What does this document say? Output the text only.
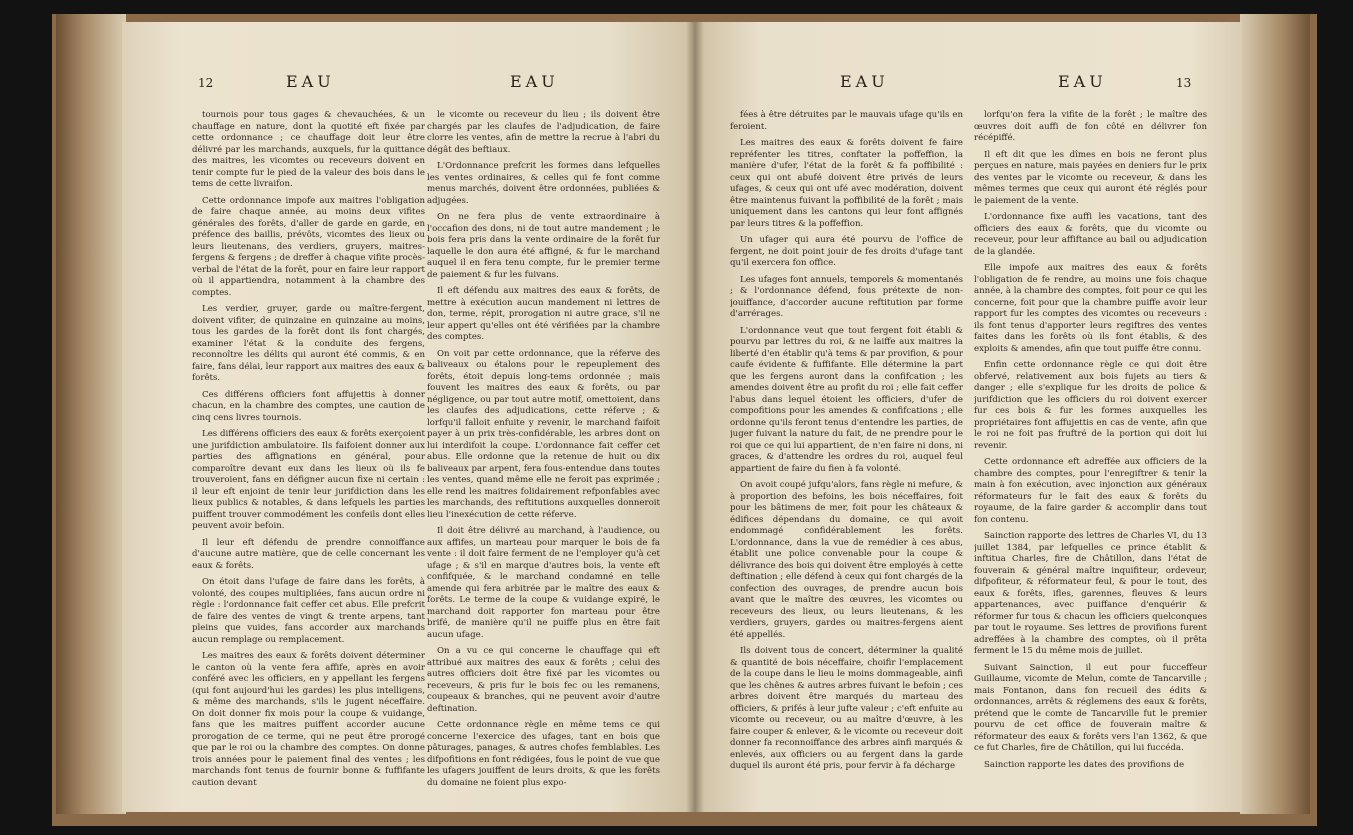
12	EAU	EAU

tournois pour tous gages & chevauchées, & un chauffage en nature, dont la quotité eft fixée par cette ordonnance ; ce chauffage doit leur être délivré par les marchands, auxquels, fur la quittance des maitres, les vicomtes ou receveurs doivent en tenir compte fur le pied de la valeur des bois dans le tems de cette livraifon.

Cette ordonnance impofe aux maitres l'obligation de faire chaque année, au moins deux vifites générales des forêts, d'aller de garde en garde, en préfence des baillis, prévôts, vicomtes des lieux ou leurs lieutenans, des verdiers, gruyers, maitres-fergens & fergens ; de dreffer à chaque vifite procès-verbal de l'état de la forêt, pour en faire leur rapport où il appartiendra, notamment à la chambre des comptes.

Les verdier, gruyer, garde ou maître-fergent, doivent vifiter, de quinzaine en quinzaine au moins, tous les gardes de la forêt dont ils font chargés, examiner l'état & la conduite des fergens, reconnoître les délits qui auront été commis, & en faire, fans délai, leur rapport aux maitres des eaux & forêts.

Ces différens officiers font affujettis à donner chacun, en la chambre des comptes, une caution de cinq cens livres tournois.

Les différens officiers des eaux & forêts exerçoient une jurifdiction ambulatoire. Ils faifoient donner aux parties des affignations en général, pour comparoître devant eux dans les lieux où ils fe trouveroient, fans en défigner aucun fixe ni certain : il leur eft enjoint de tenir leur jurifdiction dans les lieux publics & notables, & dans lefquels les parties puiffent trouver commodément les confeils dont elles peuvent avoir befoin.

Il leur eft défendu de prendre connoiffance d'aucune autre matière, que de celle concernant les eaux & forêts.

On étoit dans l'ufage de faire dans les forêts, à volonté, des coupes multipliées, fans aucun ordre ni règle : l'ordonnance fait ceffer cet abus. Elle prefcrit de faire des ventes de vingt & trente arpens, tant pleins que vuides, fans accorder aux marchands aucun remplage ou remplacement.

Les maitres des eaux & forêts doivent déterminer le canton où la vente fera affife, après en avoir conféré avec les officiers, en y appellant les fergens (qui font aujourd'hui les gardes) les plus intelligens, & même des marchands, s'ils le jugent néceffaire. On doit donner fix mois pour la coupe & vuidange, fans que les maitres puiffent accorder aucune prorogation de ce terme, qui ne peut être prorogé que par le roi ou la chambre des comptes. On donne trois années pour le paiement final des ventes ; les marchands font tenus de fournir bonne & fuffifante caution devant

le vicomte ou receveur du lieu ; ils doivent être chargés par les claufes de l'adjudication, de faire clorre les ventes, afin de mettre la recrue à l'abri du dégât des beftiaux.

L'Ordonnance prefcrit les formes dans lefquelles les ventes ordinaires, & celles qui fe font comme menus marchés, doivent être ordonnées, publiées & adjugées.

On ne fera plus de vente extraordinaire à l'occafion des dons, ni de tout autre mandement ; le bois fera pris dans la vente ordinaire de la forêt fur laquelle le don aura été affigné, & fur le marchand auquel il en fera tenu compte, fur le premier terme de paiement & fur les fuivans.

Il eft défendu aux maitres des eaux & forêts, de mettre à exécution aucun mandement ni lettres de don, terme, répit, prorogation ni autre grace, s'il ne leur appert qu'elles ont été vérifiées par la chambre des comptes.

On voit par cette ordonnance, que la réferve des baliveaux ou étalons pour le repeuplement des forêts, étoit depuis long-tems ordonnée ; mais fouvent les maitres des eaux & forêts, ou par négligence, ou par tout autre motif, omettoient, dans les claufes des adjudications, cette réferve ; & lorfqu'il falloit enfuite y revenir, le marchand faifoit payer à un prix très-confidérable, les arbres dont on lui interdifoit la coupe. L'ordonnance fait ceffer cet abus. Elle ordonne que la retenue de huit ou dix baliveaux par arpent, fera fous-entendue dans toutes les ventes, quand même elle ne feroit pas exprimée ; elle rend les maitres folidairement refponfables avec les marchands, des reftitutions auxquelles donneroit lieu l'inexécution de cette réferve.

Il doit être délivré au marchand, à l'audience, ou aux affifes, un marteau pour marquer le bois de fa vente : il doit faire ferment de ne l'employer qu'à cet ufage ; & s'il en marque d'autres bois, la vente eft confifquée, & le marchand condamné en telle amende qui fera arbitrée par le maître des eaux & forêts. Le terme de la coupe & vuidange expiré, le marchand doit rapporter fon marteau pour être brifé, de manière qu'il ne puiffe plus en être fait aucun ufage.

On a vu ce qui concerne le chauffage qui eft attribué aux maitres des eaux & forêts ; celui des autres officiers doit être fixé par les vicomtes ou receveurs, & pris fur le bois fec ou les remanens, coupeaux & branches, qui ne peuvent avoir d'autre deftination.

Cette ordonnance règle en même tems ce qui concerne l'exercice des ufages, tant en bois que pâturages, panages, & autres chofes femblables. Les difpofitions en font rédigées, fous le point de vue que les ufagers jouiffent de leurs droits, & que les forêts du domaine ne foient plus expo-

EAU	EAU	13

fées à être détruites par le mauvais ufage qu'ils en feroient.

Les maitres des eaux & forêts doivent fe faire repréfenter les titres, conftater la poffeffion, la manière d'ufer, l'état de la forêt & fa poffibilité : ceux qui ont abufé doivent être privés de leurs ufages, & ceux qui ont ufé avec modération, doivent être maintenus fuivant la poffibilité de la forêt ; mais uniquement dans les cantons qui leur font affignés par leurs titres & la poffeffion.

Un ufager qui aura été pourvu de l'office de fergent, ne doit point jouir de fes droits d'ufage tant qu'il exercera fon office.

Les ufages font annuels, temporels & momentanés ; & l'ordonnance défend, fous prétexte de non-jouiffance, d'accorder aucune reftitution par forme d'arrérages.

L'ordonnance veut que tout fergent foit établi & pourvu par lettres du roi, & ne laiffe aux maitres la liberté d'en établir qu'à tems & par provifion, & pour caufe évidente & fuffifante. Elle détermine la part que les fergens auront dans la confifcation ; les amendes doivent être au profit du roi ; elle fait ceffer l'abus dans lequel étoient les officiers, d'ufer de compofitions pour les amendes & confifcations ; elle ordonne qu'ils feront tenus d'entendre les parties, de juger fuivant la nature du fait, de ne prendre pour le roi que ce qui lui appartient, de n'en faire ni dons, ni graces, & d'attendre les ordres du roi, auquel feul appartient de faire du fien à fa volonté.

On avoit coupé jufqu'alors, fans règle ni mefure, & à proportion des befoins, les bois néceffaires, foit pour les bâtimens de mer, foit pour les châteaux & édifices dépendans du domaine, ce qui avoit endommagé confidérablement les forêts. L'ordonnance, dans la vue de remédier à ces abus, établit une police convenable pour la coupe & délivrance des bois qui doivent être employés à cette deftination ; elle défend à ceux qui font chargés de la confection des ouvrages, de prendre aucun bois avant que le maître des œuvres, les vicomtes ou receveurs des lieux, ou leurs lieutenans, & les verdiers, gruyers, gardes ou maitres-fergens aient été appellés.

Ils doivent tous de concert, déterminer la qualité & quantité de bois néceffaire, choifir l'emplacement de la coupe dans le lieu le moins dommageable, ainfi que les chênes & autres arbres fuivant le befoin ; ces arbres doivent être marqués du marteau des officiers, & prifés à leur jufte valeur ; c'eft enfuite au vicomte ou receveur, ou au maître d'œuvre, à les faire couper & enlever, & le vicomte ou receveur doit donner fa reconnoiffance des arbres ainfi marqués & enlevés, aux officiers ou au fergent dans la garde duquel ils auront été pris, pour fervir à fa décharge

lorfqu'on fera la vifite de la forêt ; le maître des œuvres doit auffi de fon côté en délivrer fon récépiffé.

Il eft dit que les dîmes en bois ne feront plus perçues en nature, mais payées en deniers fur le prix des ventes par le vicomte ou receveur, & dans les mêmes termes que ceux qui auront été réglés pour le paiement de la vente.

L'ordonnance fixe auffi les vacations, tant des officiers des eaux & forêts, que du vicomte ou receveur, pour leur affiftance au bail ou adjudication de la glandée.

Elle impofe aux maitres des eaux & forêts l'obligation de fe rendre, au moins une fois chaque année, à la chambre des comptes, foit pour ce qui les concerne, foit pour que la chambre puiffe avoir leur rapport fur les comptes des vicomtes ou receveurs : ils font tenus d'apporter leurs regiftres des ventes faites dans les forêts où ils font établis, & des exploits & amendes, afin que tout puiffe être connu.

Enfin cette ordonnance règle ce qui doit être obfervé, relativement aux bois fujets au tiers & danger ; elle s'explique fur les droits de police & jurifdiction que les officiers du roi doivent exercer fur ces bois & fur les formes auxquelles les propriétaires font affujettis en cas de vente, afin que le roi ne foit pas fruftré de la portion qui doit lui revenir.

Cette ordonnance eft adreffée aux officiers de la chambre des comptes, pour l'enregiftrer & tenir la main à fon exécution, avec injonction aux généraux réformateurs fur le fait des eaux & forêts du royaume, de la faire garder & accomplir dans tout fon contenu.

Sainction rapporte des lettres de Charles VI, du 13 juillet 1384, par lefquelles ce prince établit & inftitua Charles, fire de Châtillon, dans l'état de fouverain & général maître inquifiteur, ordeveur, difpofiteur, & réformateur feul, & pour le tout, des eaux & forêts, ifles, garennes, fleuves & leurs appartenances, avec puiffance d'enquérir & réformer fur tous & chacun les officiers quelconques par tout le royaume. Ses lettres de provifions furent adreffées à la chambre des comptes, où il prêta ferment le 15 du même mois de juillet.

Suivant Sainction, il eut pour fucceffeur Guillaume, vicomte de Melun, comte de Tancarville ; mais Fontanon, dans fon recueil des édits & ordonnances, arrêts & réglemens des eaux & forêts, prétend que le comte de Tancarville fut le premier pourvu de cet office de fouverain maître & réformateur des eaux & forêts vers l'an 1362, & que ce fut Charles, fire de Châtillon, qui lui fuccéda.

Sainction rapporte les dates des provifions de
